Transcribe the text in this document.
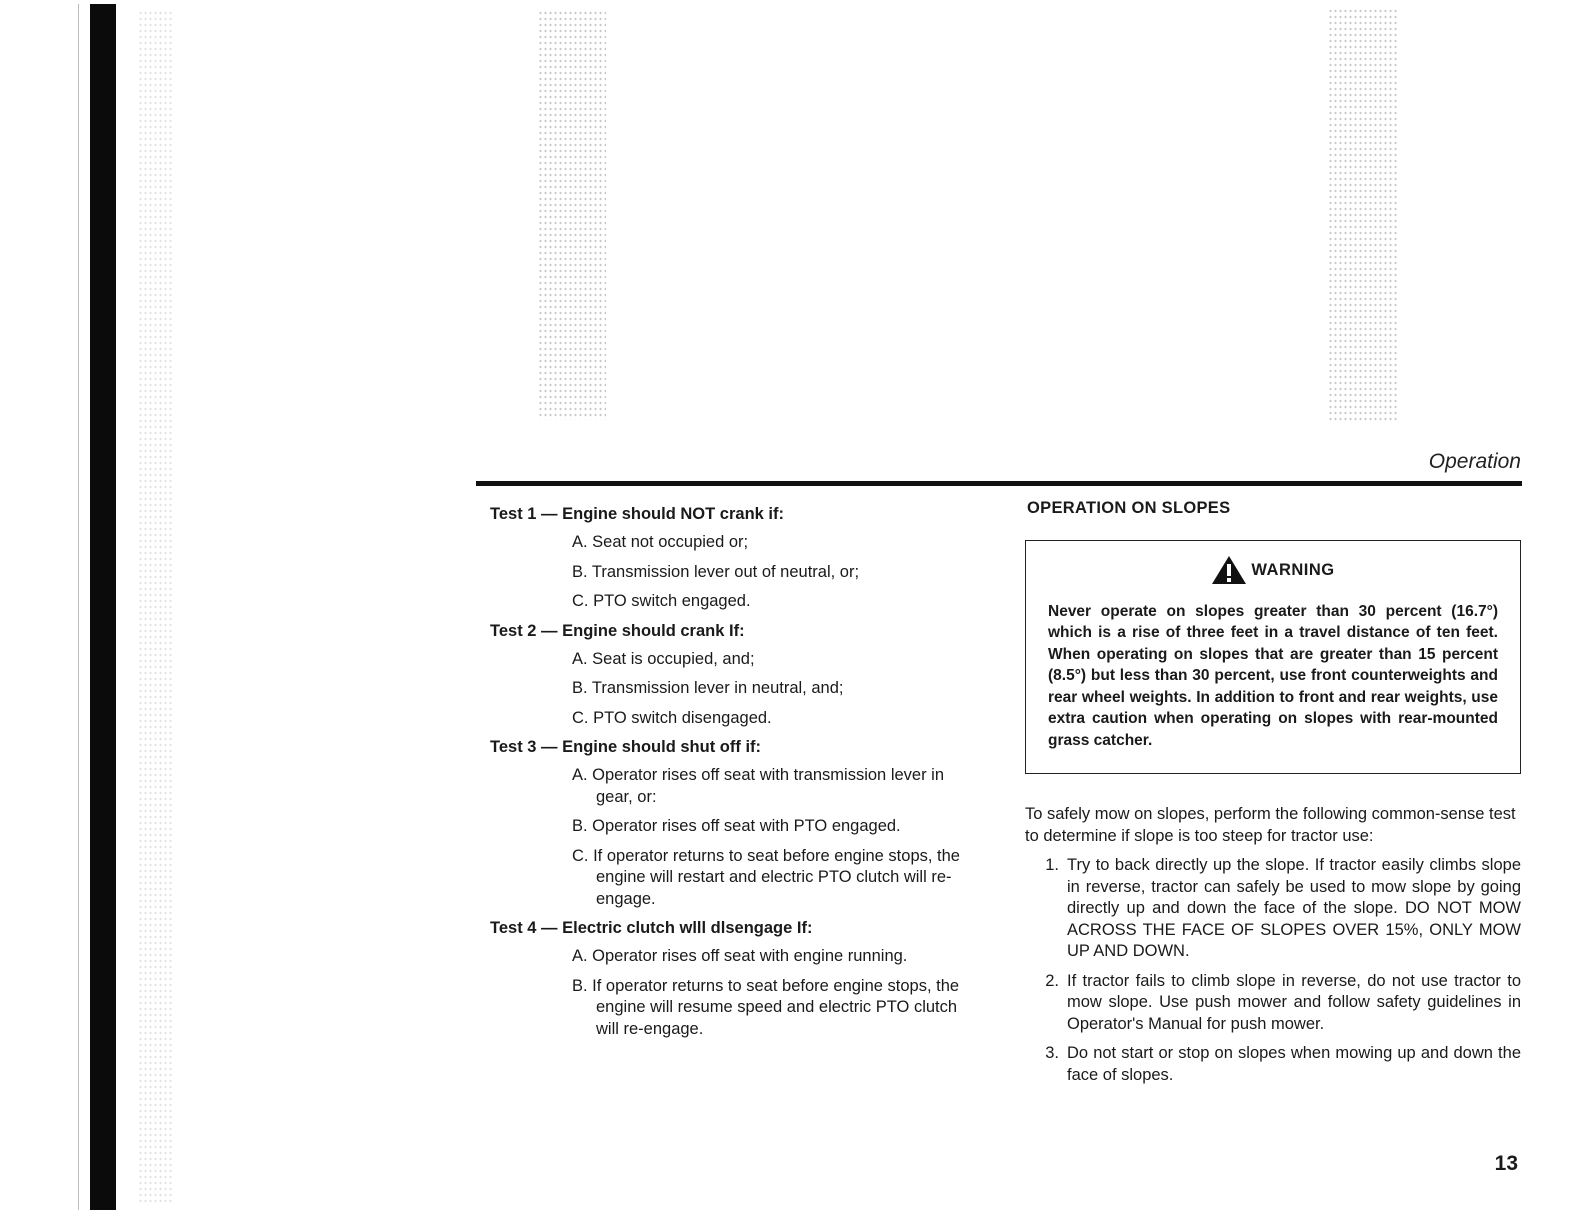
Operation

Test 1 — Engine should NOT crank if:

A. Seat not occupied or;

B. Transmission lever out of neutral, or;

C. PTO switch engaged.

Test 2 — Engine should crank If:

A. Seat is occupied, and;

B. Transmission lever in neutral, and;

C. PTO switch disengaged.

Test 3 — Engine should shut off if:

A. Operator rises off seat with transmission lever in gear, or:

B. Operator rises off seat with PTO engaged.

C. If operator returns to seat before engine stops, the engine will restart and electric PTO clutch will re-engage.

Test 4 — Electric clutch wlll dlsengage If:

A. Operator rises off seat with engine running.

B. If operator returns to seat before engine stops, the engine will resume speed and electric PTO clutch will re-engage.

OPERATION ON SLOPES

WARNING

Never operate on slopes greater than 30 percent (16.7°) which is a rise of three feet in a travel distance of ten feet. When operating on slopes that are greater than 15 percent (8.5°) but less than 30 percent, use front counterweights and rear wheel weights. In addition to front and rear weights, use extra caution when operating on slopes with rear-mounted grass catcher.

To safely mow on slopes, perform the following common-sense test to determine if slope is too steep for tractor use:

1. Try to back directly up the slope. If tractor easily climbs slope in reverse, tractor can safely be used to mow slope by going directly up and down the face of the slope. DO NOT MOW ACROSS THE FACE OF SLOPES OVER 15%, ONLY MOW UP AND DOWN.
2. If tractor fails to climb slope in reverse, do not use tractor to mow slope. Use push mower and follow safety guidelines in Operator's Manual for push mower.
3. Do not start or stop on slopes when mowing up and down the face of slopes.
13
